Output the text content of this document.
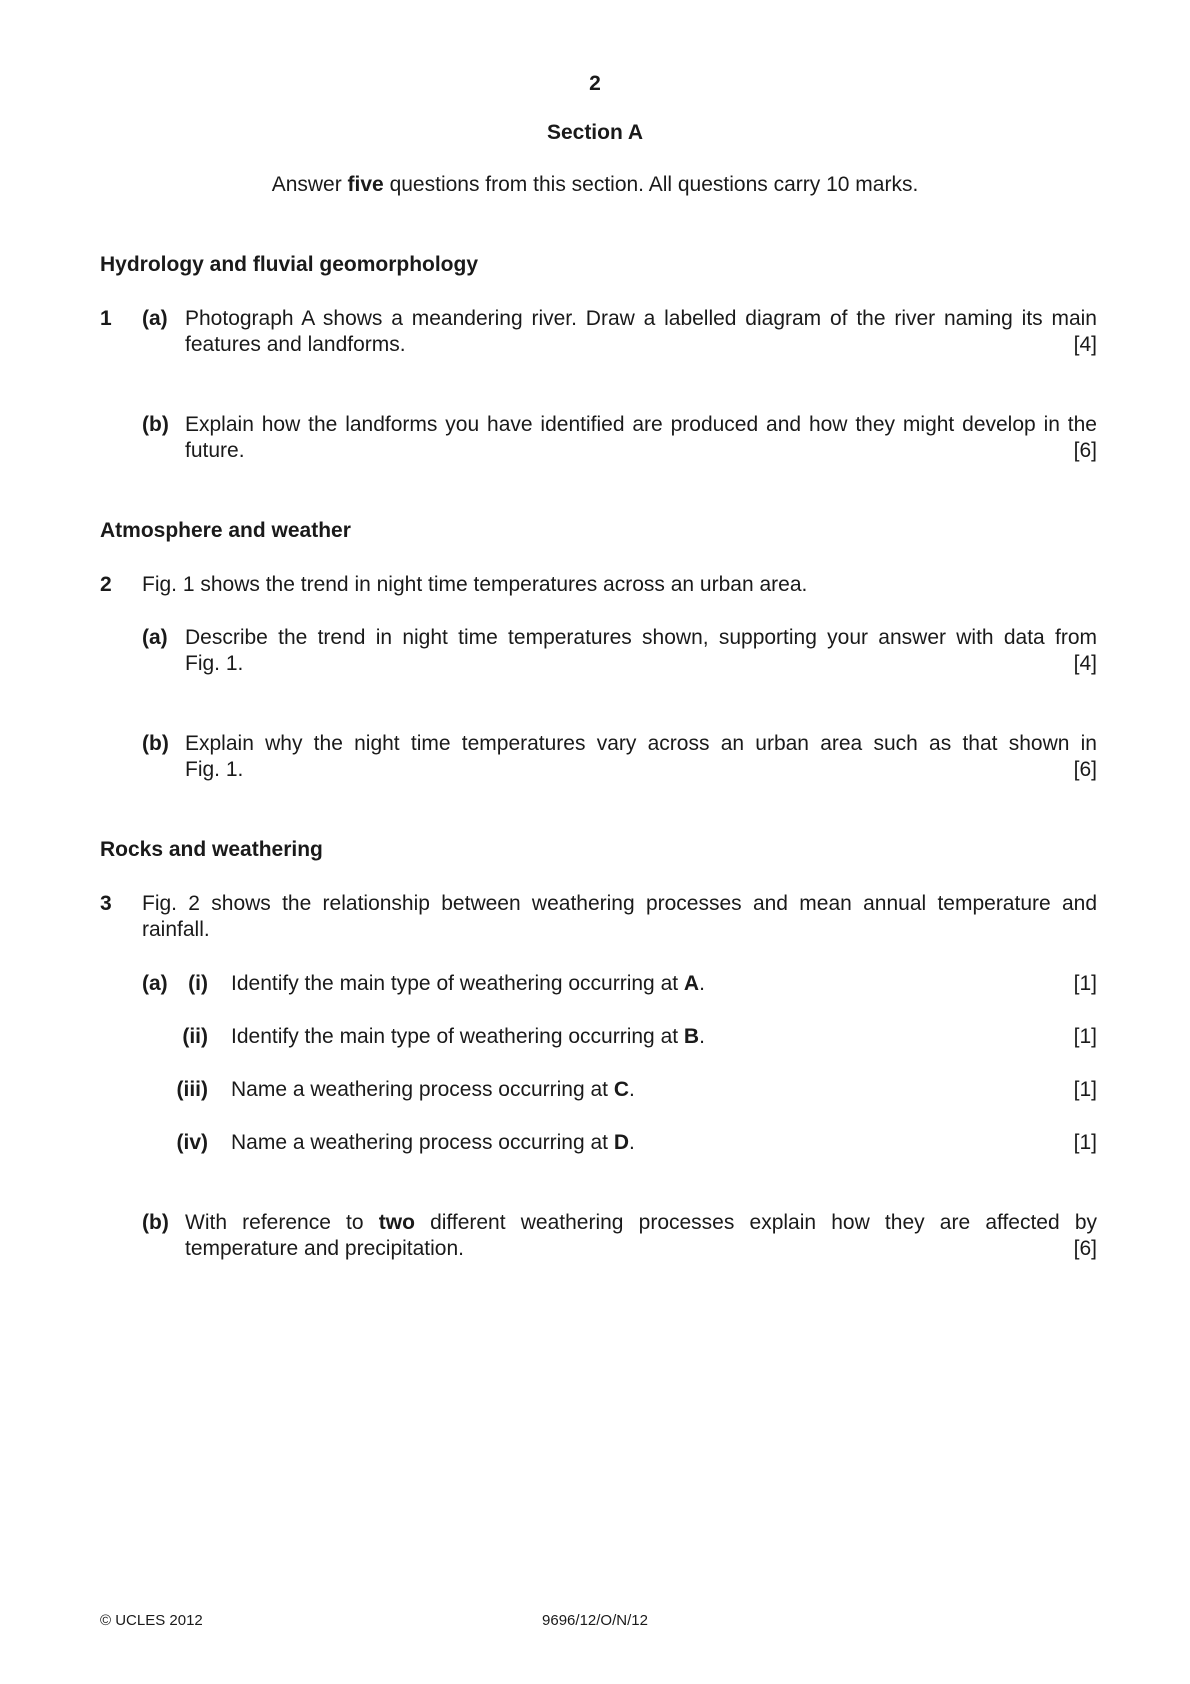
2
Section A
Answer five questions from this section. All questions carry 10 marks.
Hydrology and fluvial geomorphology
1 (a) Photograph A shows a meandering river. Draw a labelled diagram of the river naming its main
features and landforms.	[4]
(b) Explain how the landforms you have identified are produced and how they might develop in the
future.	[6]
Atmosphere and weather
2 Fig. 1 shows the trend in night time temperatures across an urban area.
(a) Describe the trend in night time temperatures shown, supporting your answer with data from
Fig. 1.	[4]
(b) Explain why the night time temperatures vary across an urban area such as that shown in
Fig. 1.	[6]
Rocks and weathering
3 Fig. 2 shows the relationship between weathering processes and mean annual temperature and
rainfall.
(a) (i) Identify the main type of weathering occurring at A.	[1]
(ii) Identify the main type of weathering occurring at B.	[1]
(iii) Name a weathering process occurring at C.	[1]
(iv) Name a weathering process occurring at D.	[1]
(b) With reference to two different weathering processes explain how they are affected by
temperature and precipitation.	[6]
© UCLES 2012	9696/12/O/N/12
